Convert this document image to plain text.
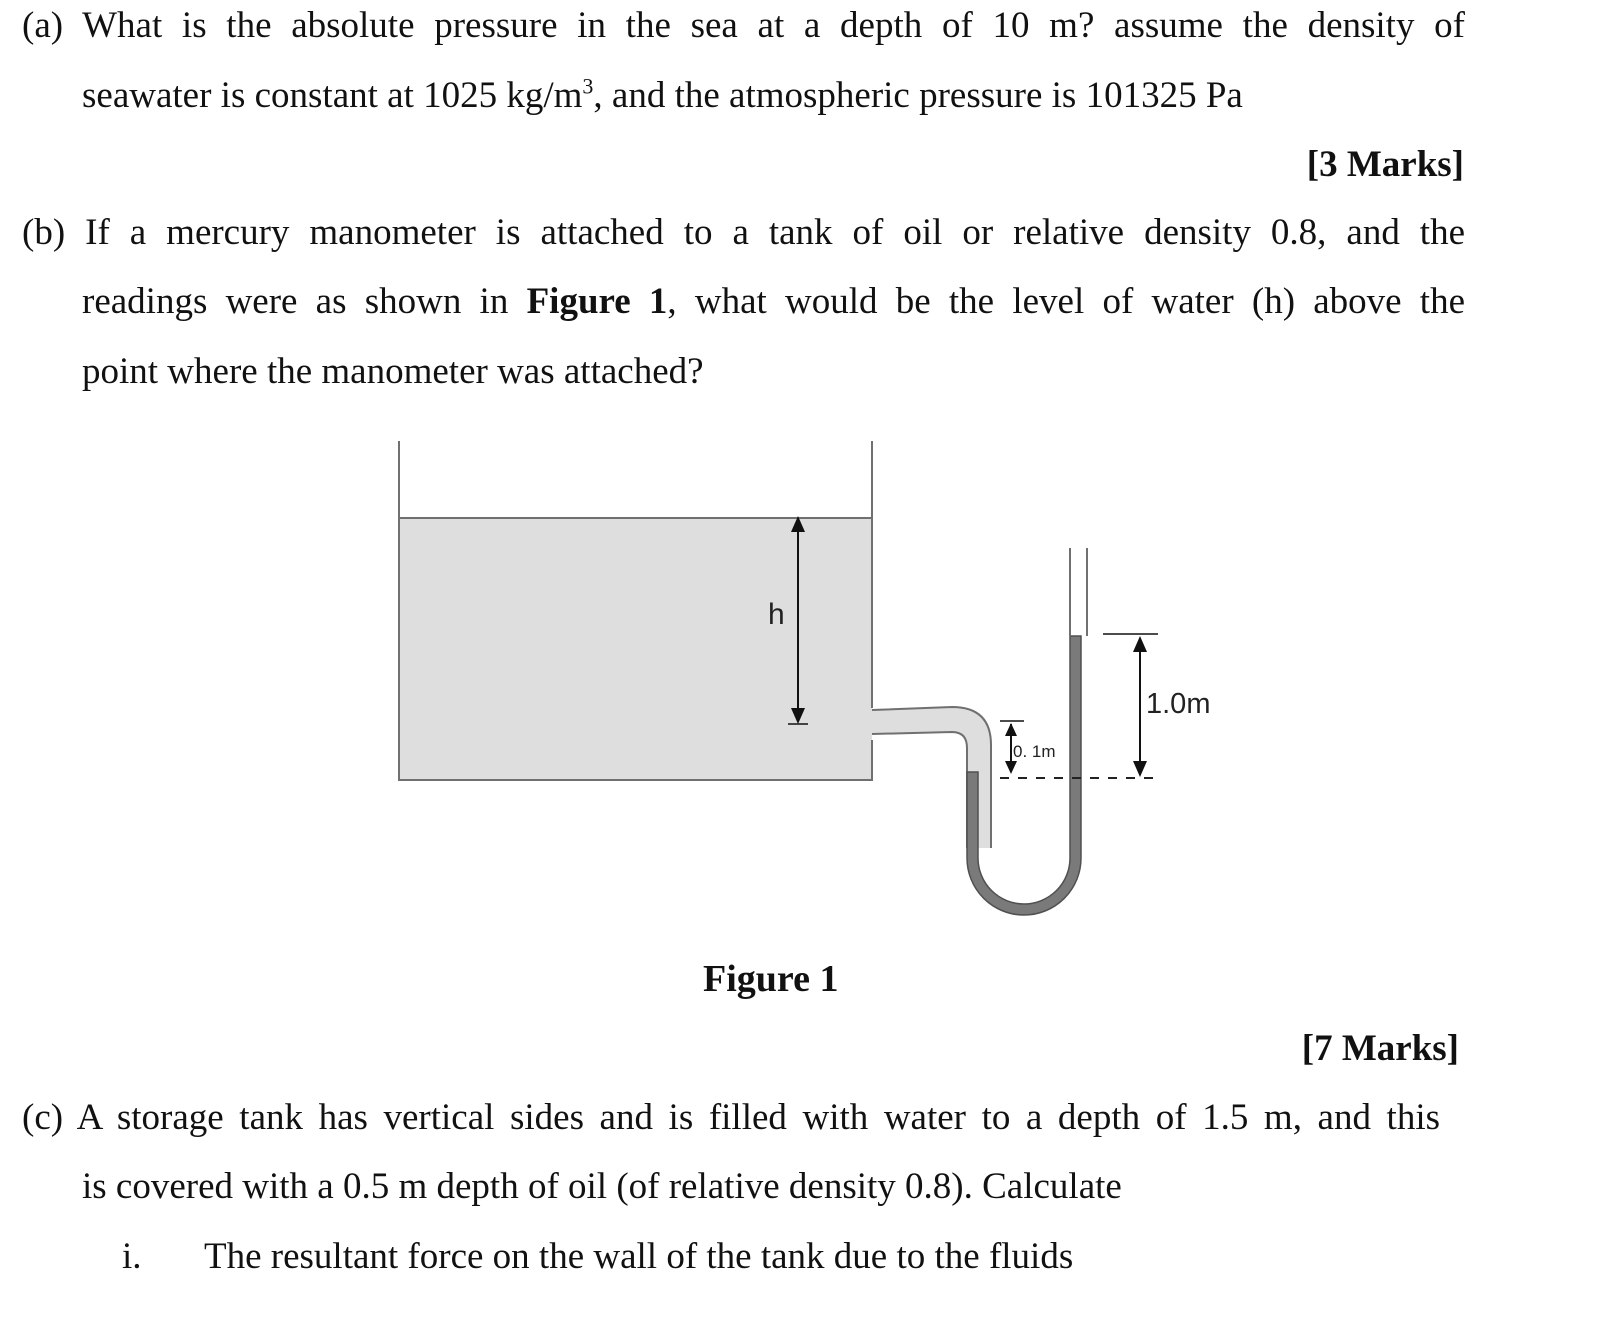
(a) What is the absolute pressure in the sea at a depth of 10 m? assume the density of
seawater is constant at 1025 $kg/m^3$, and the atmospheric pressure is 101325 Pa
[3 Marks]
(b) If a mercury manometer is attached to a tank of oil or relative density 0.8, and the
readings were as shown in Figure 1, what would be the level of water (h) above the
point where the manometer was attached?
h
0. 1m
1.0m
Figure 1
[7 Marks]
(c) A storage tank has vertical sides and is filled with water to a depth of 1.5 m, and this
is covered with a 0.5 m depth of oil (of relative density 0.8). Calculate
i. The resultant force on the wall of the tank due to the fluids
